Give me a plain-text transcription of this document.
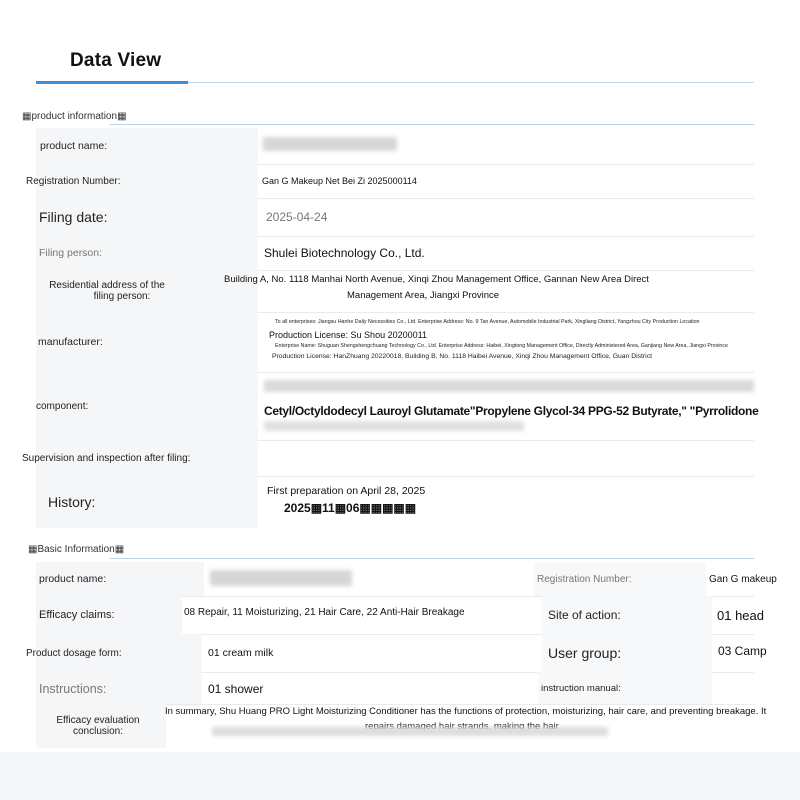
Data View
▦product information▦
product name:
Registration Number:	Gan G Makeup Net Bei Zi 2025000114
Filing date:	2025-04-24
Filing person:	Shulei Biotechnology Co., Ltd.
Residential address of the
filing person:
Building A, No. 1118 Manhai North Avenue, Xinqi Zhou Management Office, Gannan New Area Direct
Management Area, Jiangxi Province
manufacturer:
To all enterprises: Jiangsu Hanhe Daily Necessities Co., Ltd. Enterprise Address: No. 9 Tan Avenue, Automobile Industrial Park, Xingliang District, Yangzhou City Production Location
Production License: Su Shou 20200011
Enterprise Name: Shuguan Shengshengchuang Technology Co., Ltd. Enterprise Address: Haibei, Xingtong Management Office, Directly Administered Area, Ganjiang New Area, Jiangxi Province
Production License: HanZhuang 20220018, Building B, No. 1118 Haibei Avenue, Xinqi Zhou Management Office, Guan District
component:	Cetyl/Octyldodecyl Lauroyl Glutamate"Propylene Glycol-34 PPG-52 Butyrate," "Pyrrolidone
Supervision and inspection after filing:
History:
First preparation on April 28, 2025
2025▦11▦06▦▦▦▦▦
▦Basic Information▦
product name:	Registration Number:	Gan G makeup
Efficacy claims:	08 Repair, 11 Moisturizing, 21 Hair Care, 22 Anti-Hair Breakage	Site of action:	01 head
Product dosage form:	01 cream milk	User group:	03 Camp
Instructions:	01 shower	instruction manual:
Efficacy evaluation
conclusion:
In summary, Shu Huang PRO Light Moisturizing Conditioner has the functions of protection, moisturizing, hair care, and preventing breakage. It
